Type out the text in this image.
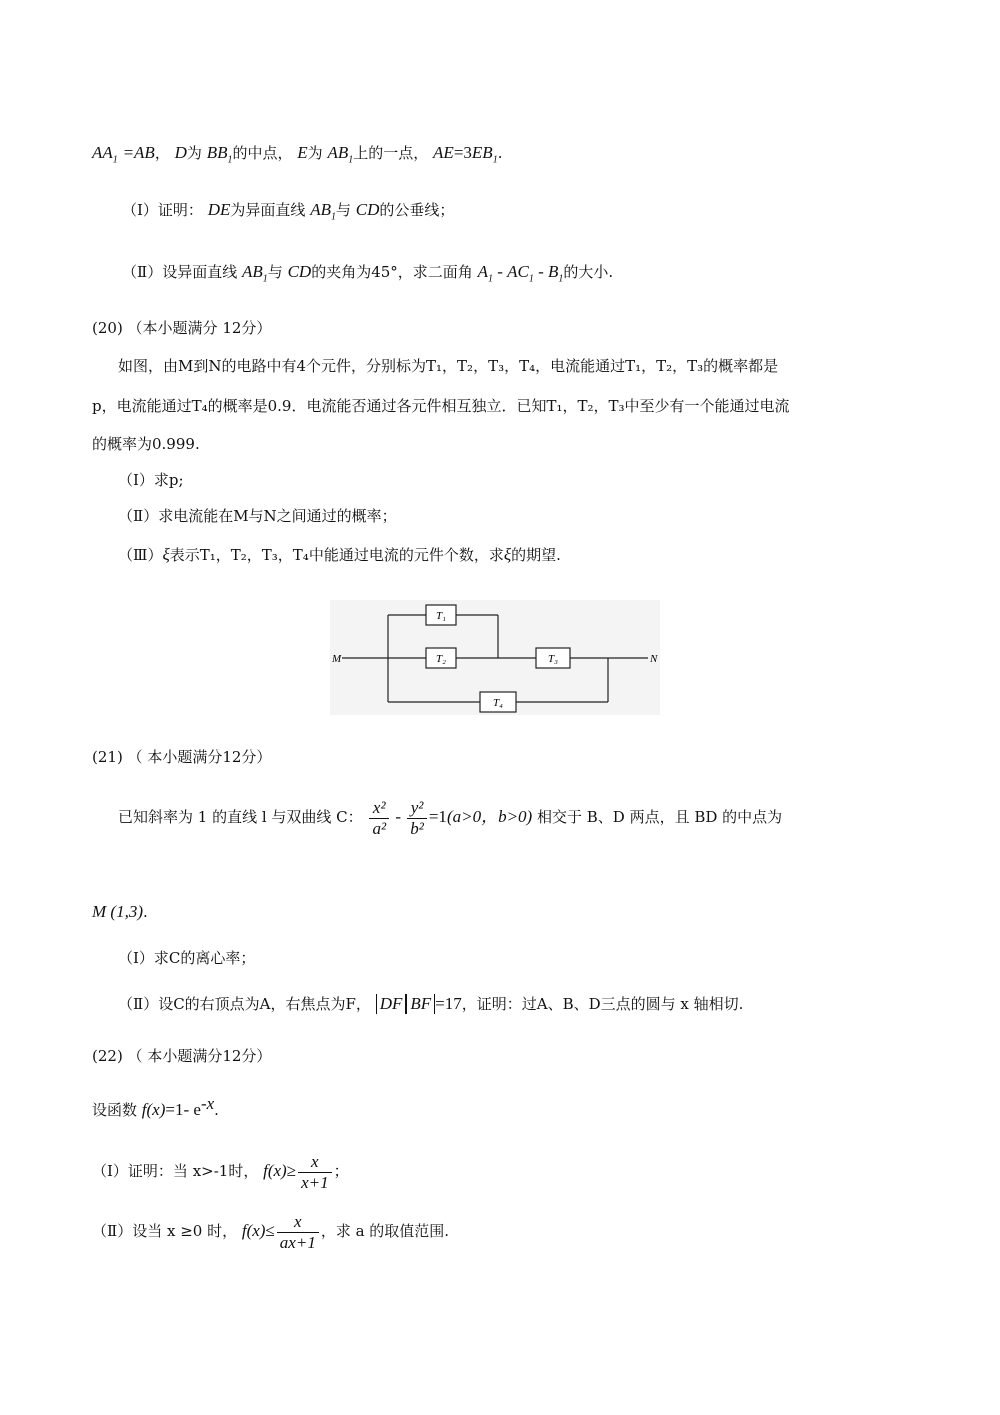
$AA_1 =AB$， D为 $BB_1$的中点， E为 $AB_1$上的一点， $AE=3EB_1$.
（Ⅰ）证明： DE为异面直线 $AB_1$与 CD的公垂线；
（Ⅱ）设异面直线 $AB_1$与 CD的夹角为45°，求二面角 $A_1 - AC_1 - B_1$的大小.
(20) （本小题满分 12分）
如图，由M到N的电路中有4个元件，分别标为T₁，T₂，T₃，T₄，电流能通过T₁，T₂，T₃的概率都是
p，电流能通过T₄的概率是0.9．电流能否通过各元件相互独立．已知T₁，T₂，T₃中至少有一个能通过电流
的概率为0.999.
（Ⅰ）求p;
（Ⅱ）求电流能在M与N之间通过的概率；
（Ⅲ）ξ表示T₁，T₂，T₃，T₄中能通过电流的元件个数，求ξ的期望.
T₁
T₂	T₃
T₄
M	N
(21) （ 本小题满分12分）
已知斜率为 1 的直线 l 与双曲线 C： $\frac{\text{x²}}{\text{a²}} - \frac{\text{y²}}{\text{b²}} =1(a>0$，b>0) 相交于 B、D 两点，且 BD 的中点为
M (1,3).
（Ⅰ）求C的离心率；
（Ⅱ）设C的右顶点为A，右焦点为F， DF BF =17，证明：过A、B、D三点的圆与 x 轴相切.
(22) （ 本小题满分12分）
设函数 f(x)=1- $e^{-x}$.
（Ⅰ）证明：当 x>-1时， $f(x)\ge \frac{x}{x+1}$ ；
（Ⅱ）设当 x ≥0 时， $f(x)\le \frac{x}{ax+1}$ ，求 a 的取值范围.
